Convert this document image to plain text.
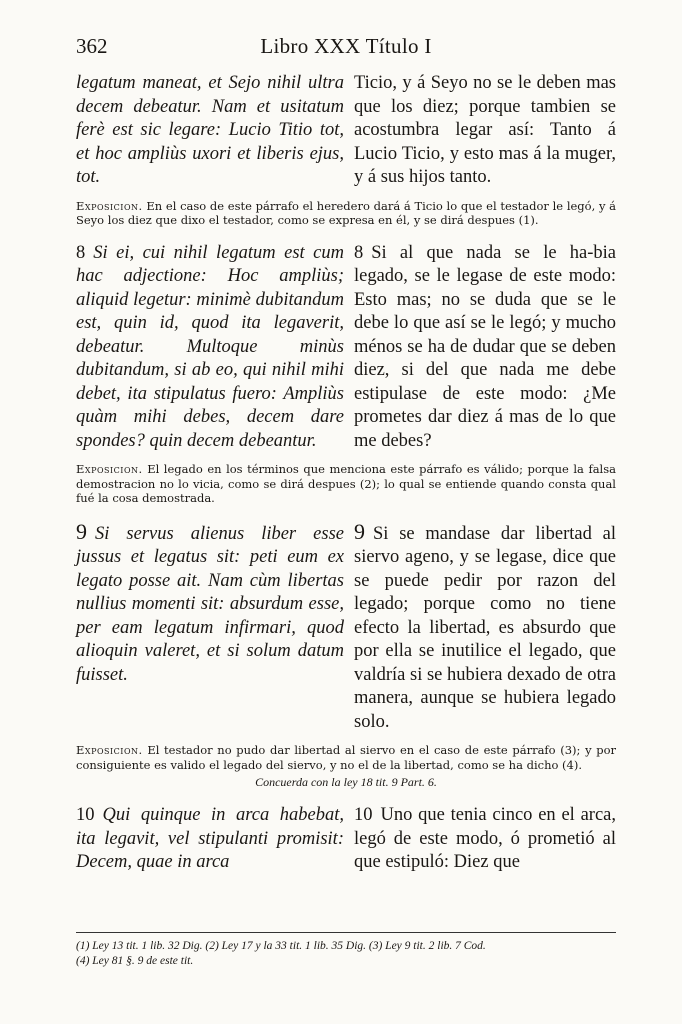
362	Libro XXX Título I
legatum maneat, et Sejo nihil ultra decem debeatur. Nam et usitatum ferè est sic legare: Lucio Titio tot, et hoc ampliùs uxori et liberis ejus, tot.
Ticio, y á Seyo no se le deben mas que los diez; porque tambien se acostumbra legar así: Tanto á Lucio Ticio, y esto mas á la muger, y á sus hijos tanto.

Exposicion. En el caso de este párrafo el heredero dará á Ticio lo que el testador le legó, y á Seyo los diez que dixo el testador, como se expresa en él, y se dirá despues (1).

8 Si ei, cui nihil legatum est cum hac adjectione: Hoc ampliùs; aliquid legetur: minimè dubitandum est, quin id, quod ita legaverit, debeatur. Multoque minùs dubitandum, si ab eo, qui nihil mihi debet, ita stipulatus fuero: Ampliùs quàm mihi debes, decem dare spondes? quin decem debeantur.
8 Si al que nada se le ha-bia legado, se le legase de este modo: Esto mas; no se duda que se le debe lo que así se le legó; y mucho ménos se ha de dudar que se deben diez, si del que nada me debe estipulase de este modo: ¿Me prometes dar diez á mas de lo que me debes?

Exposicion. El legado en los términos que menciona este párrafo es válido; porque la falsa demostracion no lo vicia, como se dirá despues (2); lo qual se entiende quando consta qual fué la cosa demostrada.

9 Si servus alienus liber esse jussus et legatus sit: peti eum ex legato posse ait. Nam cùm libertas nullius momenti sit: absurdum esse, per eam legatum infirmari, quod alioquin valeret, et si solum datum fuisset.
9 Si se mandase dar libertad al siervo ageno, y se legase, dice que se puede pedir por razon del legado; porque como no tiene efecto la libertad, es absurdo que por ella se inutilice el legado, que valdría si se hubiera dexado de otra manera, aunque se hubiera legado solo.

Exposicion. El testador no pudo dar libertad al siervo en el caso de este párrafo (3); y por consiguiente es valido el legado del siervo, y no el de la libertad, como se ha dicho (4).

Concuerda con la ley 18 tit. 9 Part. 6.
10 Qui quinque in arca habebat, ita legavit, vel stipulanti promisit: Decem, quae in arca
10 Uno que tenia cinco en el arca, legó de este modo, ó prometió al que estipuló: Diez que
(1) Ley 13 tit. 1 lib. 32 Dig. (2) Ley 17 y la 33 tit. 1 lib. 35 Dig. (3) Ley 9 tit. 2 lib. 7 Cod.
(4) Ley 81 §. 9 de este tit.
